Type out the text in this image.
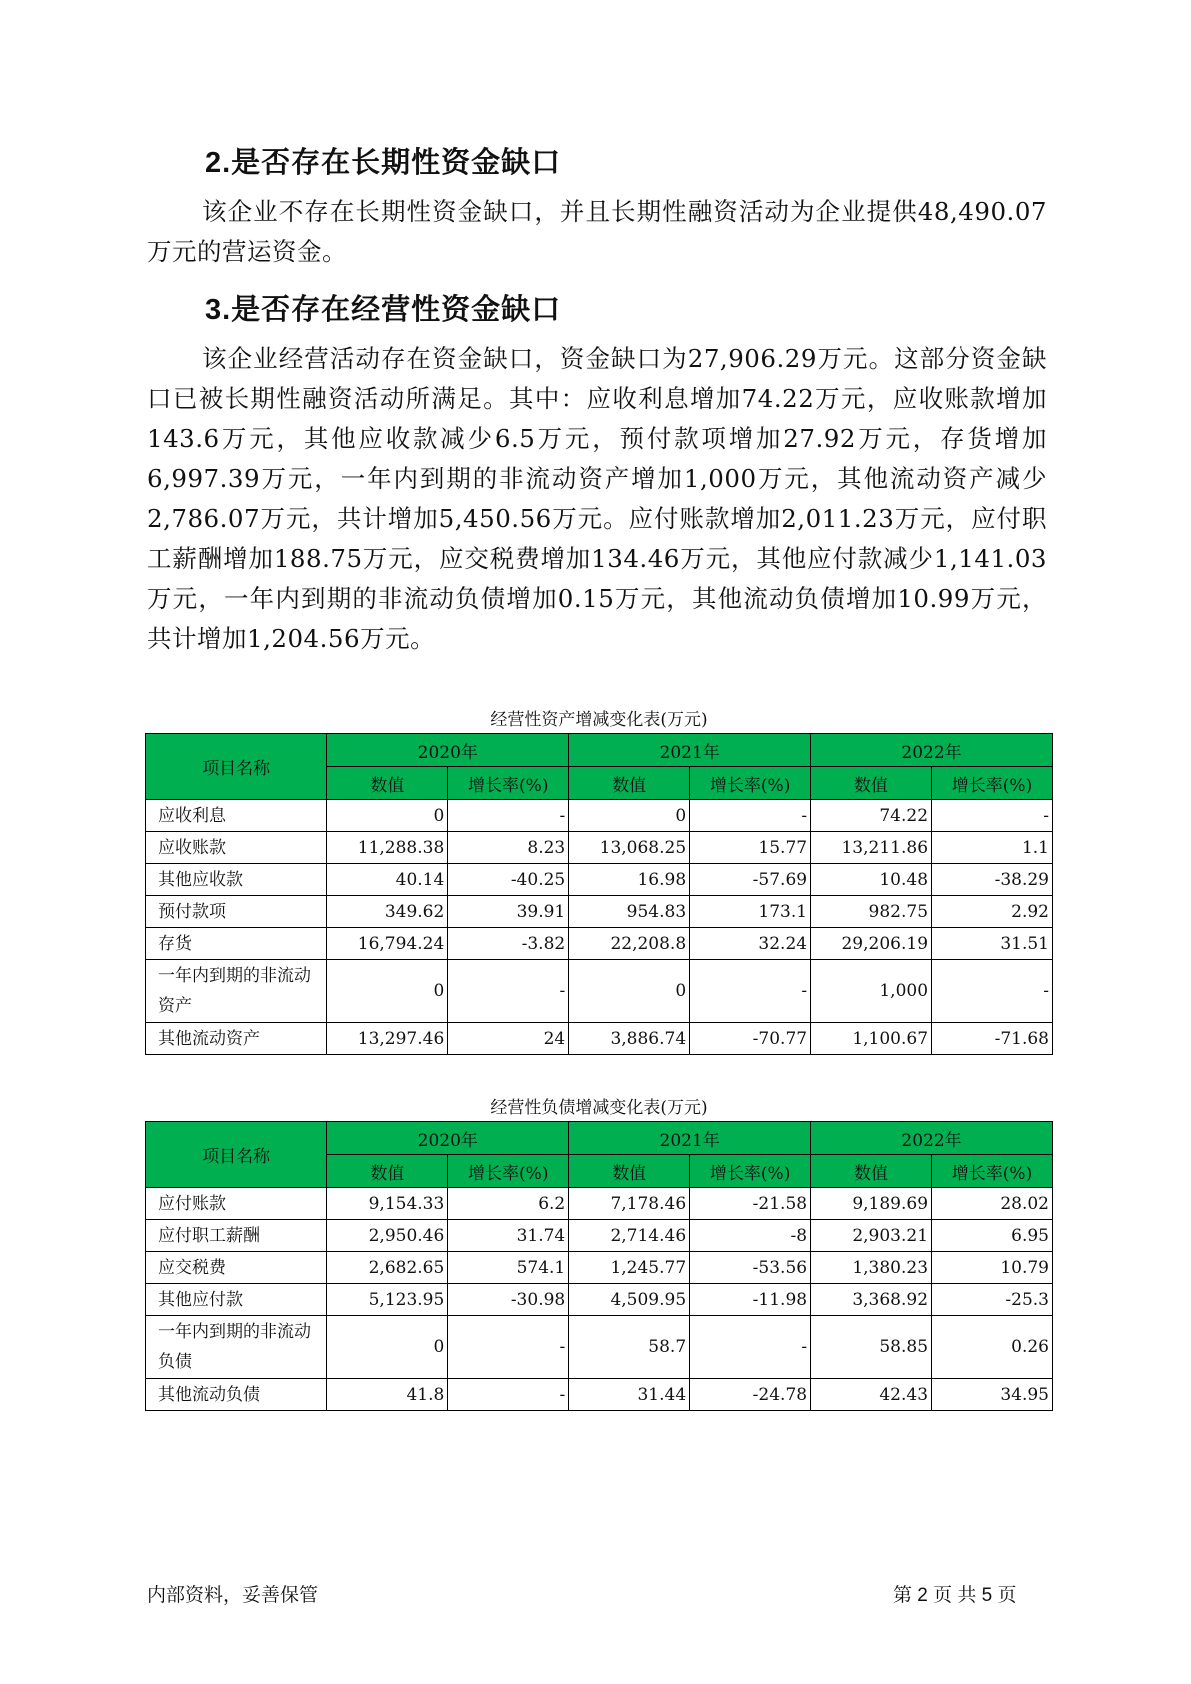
2.是否存在长期性资金缺口

该企业不存在长期性资金缺口，并且长期性融资活动为企业提供48,490.07万元的营运资金。

3.是否存在经营性资金缺口

该企业经营活动存在资金缺口，资金缺口为27,906.29万元。这部分资金缺口已被长期性融资活动所满足。其中：应收利息增加74.22万元，应收账款增加143.6万元，其他应收款减少6.5万元，预付款项增加27.92万元，存货增加6,997.39万元，一年内到期的非流动资产增加1,000万元，其他流动资产减少2,786.07万元，共计增加5,450.56万元。应付账款增加2,011.23万元，应付职工薪酬增加188.75万元，应交税费增加134.46万元，其他应付款减少1,141.03万元，一年内到期的非流动负债增加0.15万元，其他流动负债增加10.99万元，共计增加1,204.56万元。

经营性资产增减变化表(万元)
项目名称	2020年		2021年		2022年	
	数值	增长率(%)	数值	增长率(%)	数值	增长率(%)
应收利息	0	-	0	-	74.22	-
应收账款	11,288.38	8.23	13,068.25	15.77	13,211.86	1.1
其他应收款	40.14	-40.25	16.98	-57.69	10.48	-38.29
预付款项	349.62	39.91	954.83	173.1	982.75	2.92
存货	16,794.24	-3.82	22,208.8	32.24	29,206.19	31.51
一年内到期的非流动资产	0	-	0	-	1,000	-
其他流动资产	13,297.46	24	3,886.74	-70.77	1,100.67	-71.68
经营性负债增减变化表(万元)
项目名称	2020年		2021年		2022年	
	数值	增长率(%)	数值	增长率(%)	数值	增长率(%)
应付账款	9,154.33	6.2	7,178.46	-21.58	9,189.69	28.02
应付职工薪酬	2,950.46	31.74	2,714.46	-8	2,903.21	6.95
应交税费	2,682.65	574.1	1,245.77	-53.56	1,380.23	10.79
其他应付款	5,123.95	-30.98	4,509.95	-11.98	3,368.92	-25.3
一年内到期的非流动负债	0	-	58.7	-	58.85	0.26
其他流动负债	41.8	-	31.44	-24.78	42.43	34.95
内部资料，妥善保管	第 2 页 共 5 页
